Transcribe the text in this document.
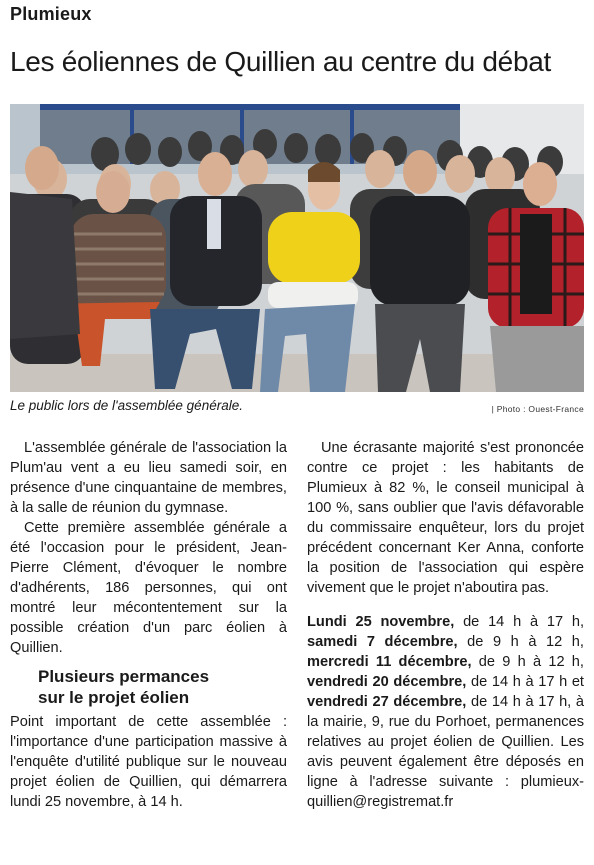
Plumieux
Les éoliennes de Quillien au centre du débat
Le public lors de l'assemblée générale.	| Photo : Ouest-France

L'assemblée générale de l'association la Plum'au vent a eu lieu samedi soir, en présence d'une cinquantaine de membres, à la salle de réunion du gymnase.

Cette première assemblée générale a été l'occasion pour le président, Jean-Pierre Clément, d'évoquer le nombre d'adhérents, 186 personnes, qui ont montré leur mécontentement sur la possible création d'un parc éolien à Quillien.

Plusieurs permances
sur le projet éolien

Point important de cette assemblée : l'importance d'une participation massive à l'enquête d'utilité publique sur le nouveau projet éolien de Quillien, qui démarrera lundi 25 novembre, à 14 h.

Une écrasante majorité s'est prononcée contre ce projet : les habitants de Plumieux à 82 %, le conseil municipal à 100 %, sans oublier que l'avis défavorable du commissaire enquêteur, lors du projet précédent concernant Ker Anna, conforte la position de l'association qui espère vivement que le projet n'aboutira pas.

Lundi 25 novembre, de 14 h à 17 h, samedi 7 décembre, de 9 h à 12 h, mercredi 11 décembre, de 9 h à 12 h, vendredi 20 décembre, de 14 h à 17 h et vendredi 27 décembre, de 14 h à 17 h, à la mairie, 9, rue du Porhoet, permanences relatives au projet éolien de Quillien. Les avis peuvent également être déposés en ligne à l'adresse suivante : plumieux-quillien@registremat.fr
